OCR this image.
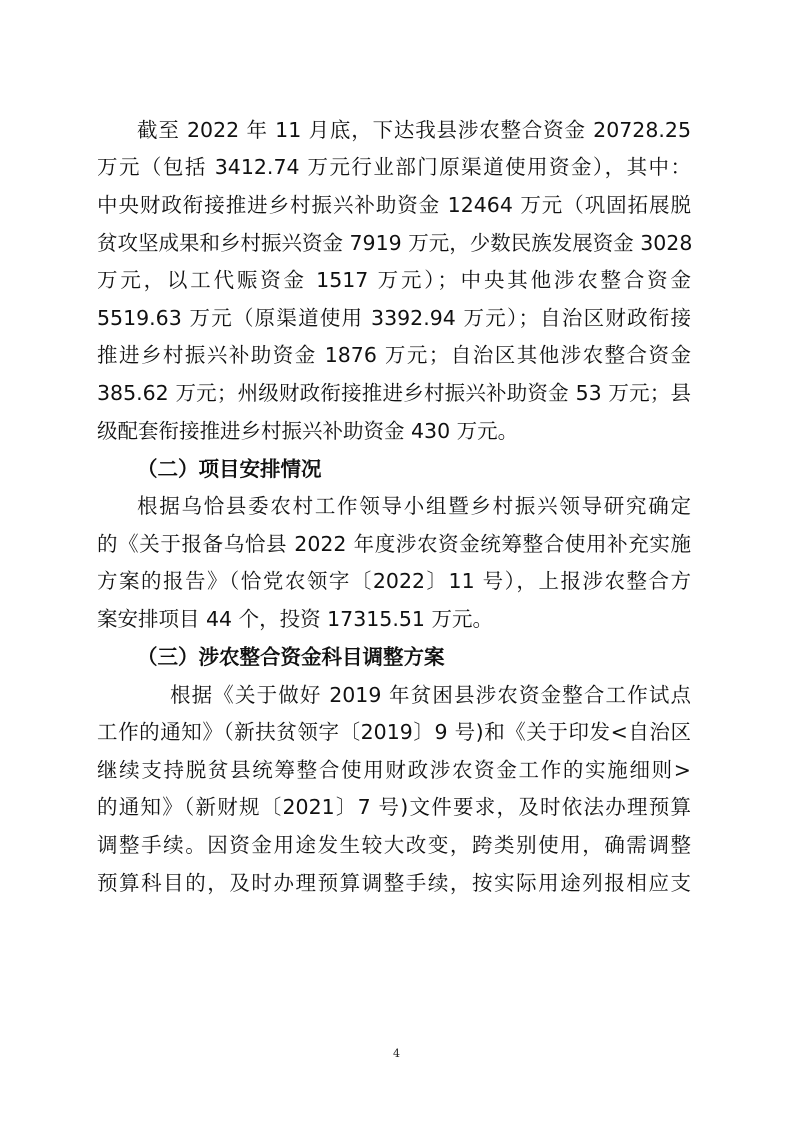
截至 2022 年 11 月底，下达我县涉农整合资金 20728.25
万元（包括 3412.74 万元行业部门原渠道使用资金），其中：
中央财政衔接推进乡村振兴补助资金 12464 万元（巩固拓展脱
贫攻坚成果和乡村振兴资金 7919 万元，少数民族发展资金 3028
万元，以工代赈资金 1517 万元）；中央其他涉农整合资金
5519.63 万元（原渠道使用 3392.94 万元）；自治区财政衔接
推进乡村振兴补助资金 1876 万元；自治区其他涉农整合资金
385.62 万元；州级财政衔接推进乡村振兴补助资金 53 万元；县
级配套衔接推进乡村振兴补助资金 430 万元。
（二）项目安排情况
根据乌恰县委农村工作领导小组暨乡村振兴领导研究确定
的《关于报备乌恰县 2022 年度涉农资金统筹整合使用补充实施
方案的报告》（恰党农领字〔2022〕11 号），上报涉农整合方
案安排项目 44 个，投资 17315.51 万元。
（三）涉农整合资金科目调整方案
根据《关于做好 2019 年贫困县涉农资金整合工作试点
工作的通知》（新扶贫领字〔2019〕9 号)和《关于印发<自治区
继续支持脱贫县统筹整合使用财政涉农资金工作的实施细则>
的通知》（新财规〔2021〕7 号)文件要求，及时依法办理预算
调整手续。因资金用途发生较大改变，跨类别使用，确需调整
预算科目的，及时办理预算调整手续，按实际用途列报相应支
4
